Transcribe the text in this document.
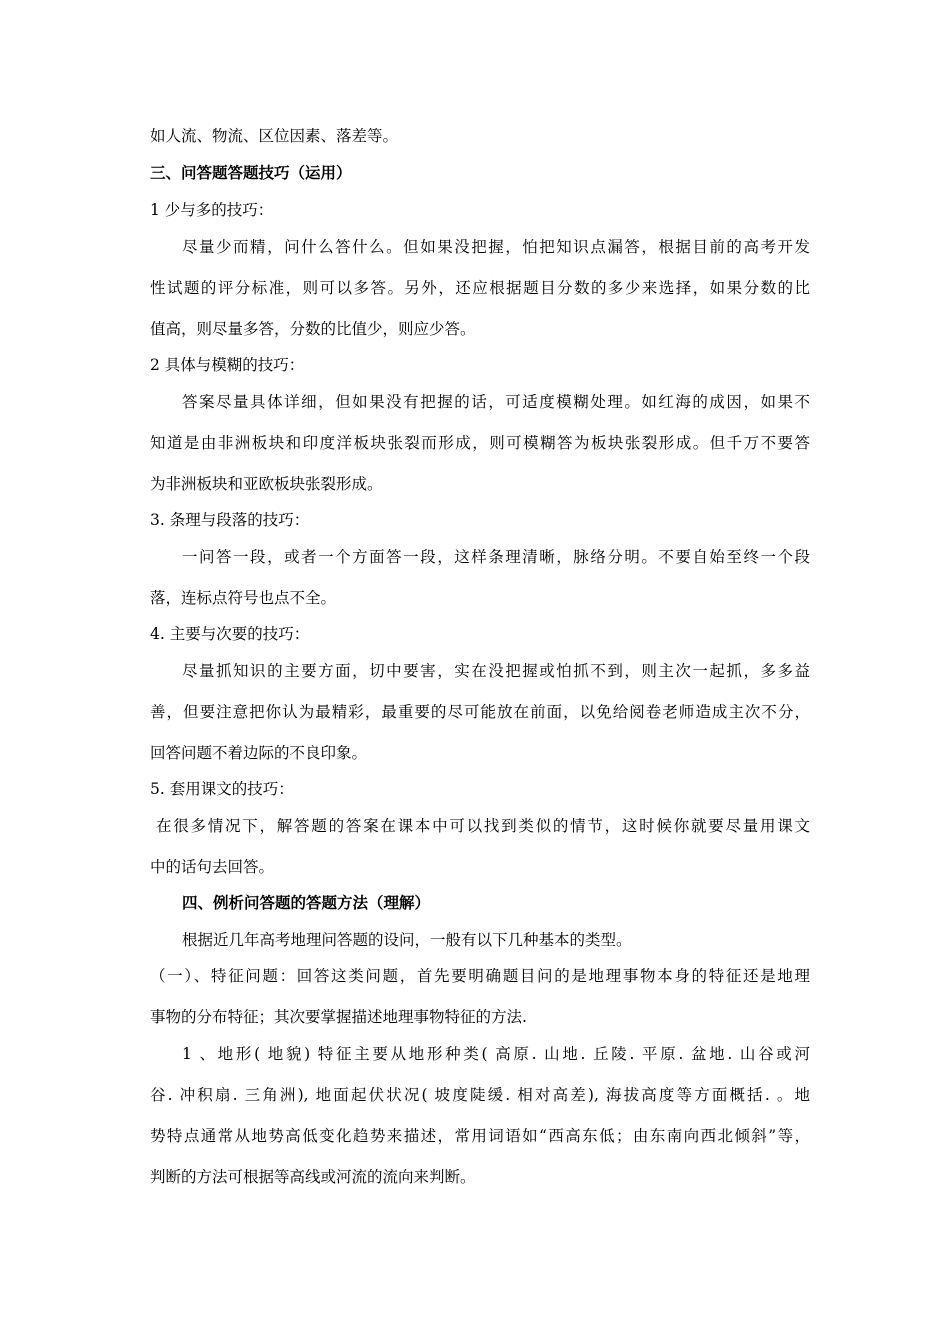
如人流、物流、区位因素、落差等。
三、问答题答题技巧（运用）
1 少与多的技巧：
尽量少而精，问什么答什么。但如果没把握，怕把知识点漏答，根据目前的高考开发
性试题的评分标准，则可以多答。另外，还应根据题目分数的多少来选择，如果分数的比
值高，则尽量多答，分数的比值少，则应少答。
2 具体与模糊的技巧：
答案尽量具体详细，但如果没有把握的话，可适度模糊处理。如红海的成因，如果不
知道是由非洲板块和印度洋板块张裂而形成，则可模糊答为板块张裂形成。但千万不要答
为非洲板块和亚欧板块张裂形成。
3. 条理与段落的技巧：
一问答一段，或者一个方面答一段，这样条理清晰，脉络分明。不要自始至终一个段
落，连标点符号也点不全。
4. 主要与次要的技巧：
尽量抓知识的主要方面，切中要害，实在没把握或怕抓不到，则主次一起抓，多多益
善，但要注意把你认为最精彩，最重要的尽可能放在前面，以免给阅卷老师造成主次不分，
回答问题不着边际的不良印象。
5. 套用课文的技巧：
在很多情况下，解答题的答案在课本中可以找到类似的情节，这时候你就要尽量用课文
中的话句去回答。
四、例析问答题的答题方法（理解）
根据近几年高考地理问答题的设问，一般有以下几种基本的类型。
（一）、特征问题：回答这类问题，首先要明确题目问的是地理事物本身的特征还是地理
事物的分布特征；其次要掌握描述地理事物特征的方法.
1 、地形( 地貌) 特征主要从地形种类( 高原. 山地. 丘陵. 平原. 盆地. 山谷或河
谷. 冲积扇. 三角洲), 地面起伏状况( 坡度陡缓. 相对高差), 海拔高度等方面概括. 。地
势特点通常从地势高低变化趋势来描述，常用词语如“西高东低；由东南向西北倾斜”等，
判断的方法可根据等高线或河流的流向来判断。
